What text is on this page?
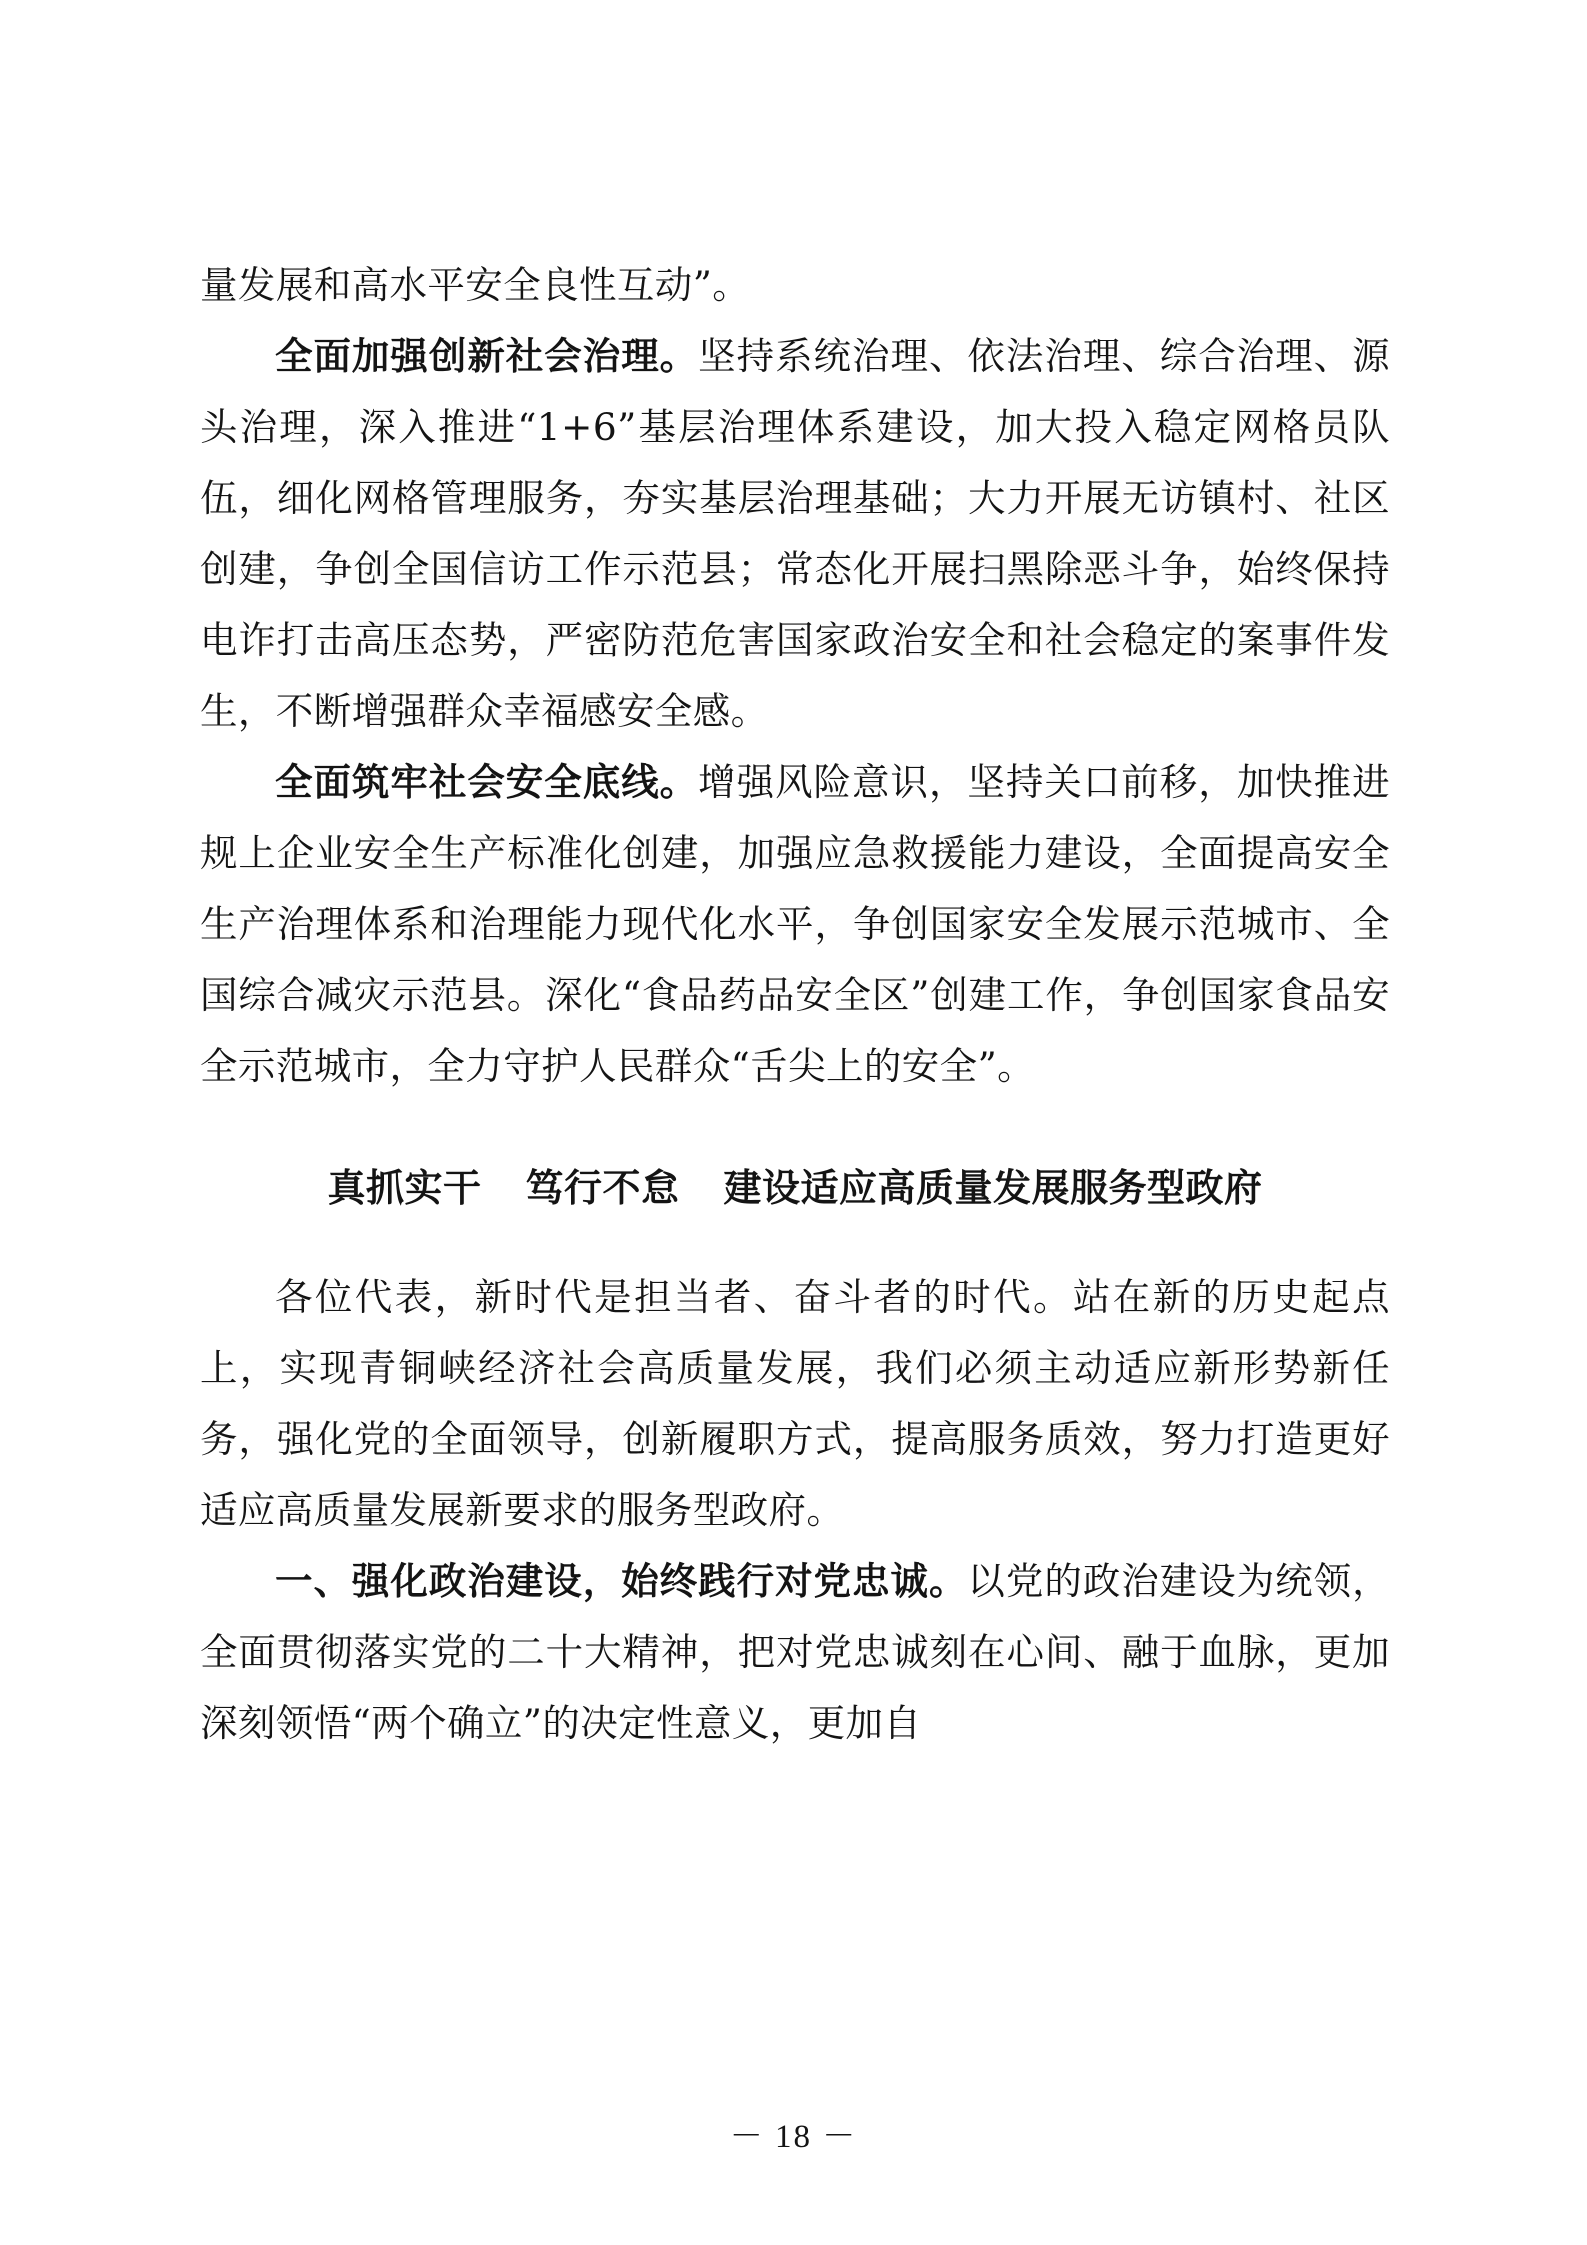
量发展和高水平安全良性互动”。

全面加强创新社会治理。坚持系统治理、依法治理、综合治理、源头治理，深入推进“1+6”基层治理体系建设，加大投入稳定网格员队伍，细化网格管理服务，夯实基层治理基础；大力开展无访镇村、社区创建，争创全国信访工作示范县；常态化开展扫黑除恶斗争，始终保持电诈打击高压态势，严密防范危害国家政治安全和社会稳定的案事件发生，不断增强群众幸福感安全感。

全面筑牢社会安全底线。增强风险意识，坚持关口前移，加快推进规上企业安全生产标准化创建，加强应急救援能力建设，全面提高安全生产治理体系和治理能力现代化水平，争创国家安全发展示范城市、全国综合减灾示范县。深化“食品药品安全区”创建工作，争创国家食品安全示范城市，全力守护人民群众“舌尖上的安全”。

真抓实干 笃行不怠 建设适应高质量发展服务型政府

各位代表，新时代是担当者、奋斗者的时代。站在新的历史起点上，实现青铜峡经济社会高质量发展，我们必须主动适应新形势新任务，强化党的全面领导，创新履职方式，提高服务质效，努力打造更好适应高质量发展新要求的服务型政府。

一、强化政治建设，始终践行对党忠诚。以党的政治建设为统领，全面贯彻落实党的二十大精神，把对党忠诚刻在心间、融于血脉，更加深刻领悟“两个确立”的决定性意义，更加自

－ 18 －
